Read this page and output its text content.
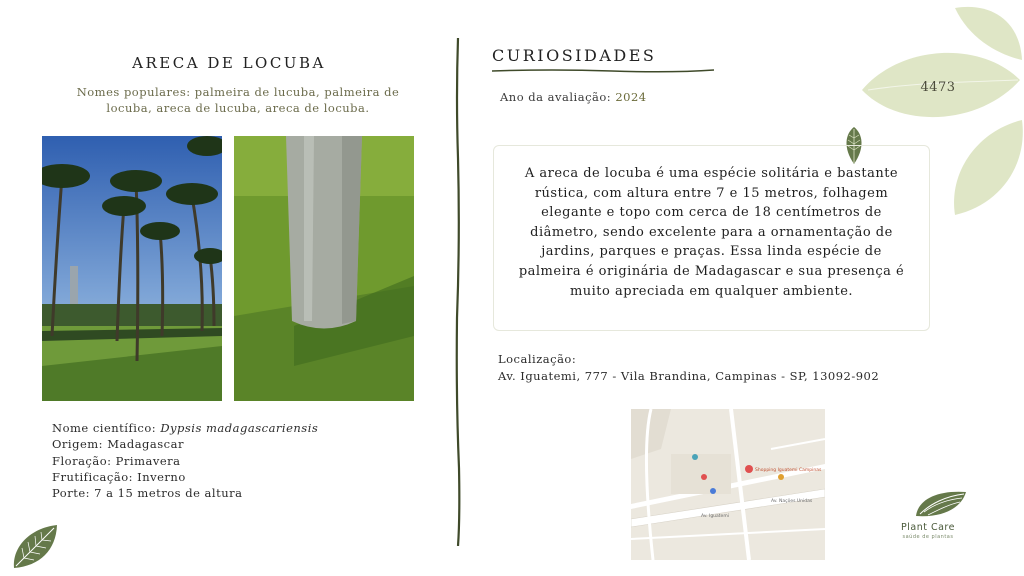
4473
ARECA DE LOCUBA
Nomes populares: palmeira de lucuba, palmeira de locuba, areca de lucuba, areca de locuba.
Nome científico: Dypsis madagascariensis
Origem: Madagascar
Floração: Primavera
Frutificação: Inverno
Porte: 7 a 15 metros de altura
CURIOSIDADES
Ano da avaliação: 2024

A areca de locuba é uma espécie solitária e bastante rústica, com altura entre 7 e 15 metros, folhagem elegante e topo com cerca de 18 centímetros de diâmetro, sendo excelente para a ornamentação de jardins, parques e praças. Essa linda espécie de palmeira é originária de Madagascar e sua presença é muito apreciada em qualquer ambiente.

Localização:
Av. Iguatemi, 777 - Vila Brandina, Campinas - SP, 13092-902
Shopping Iguatemi Campinas
Av. Iguatemi
Av. Nações Unidas
Plant Care
saúde de plantas
